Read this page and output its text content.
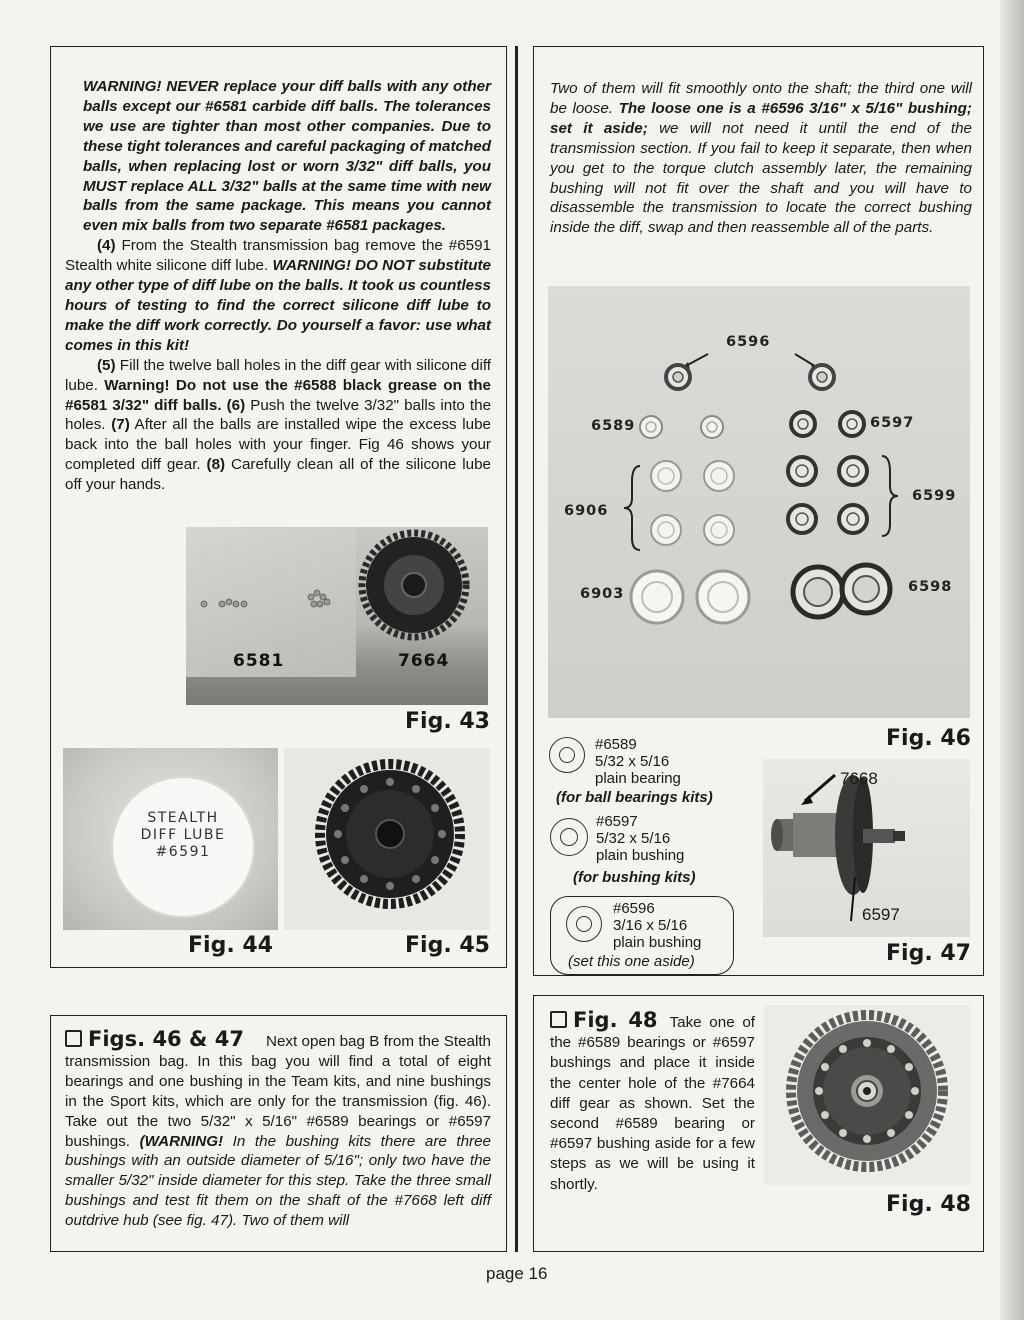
WARNING! NEVER replace your diff balls with any other balls except our #6581 carbide diff balls. The tolerances we use are tighter than most other companies. Due to these tight tolerances and careful packaging of matched balls, when replacing lost or worn 3/32" diff balls, you MUST replace ALL 3/32" balls at the same time with new balls from the same package. This means you cannot even mix balls from two separate #6581 packages.

(4) From the Stealth transmission bag remove the #6591 Stealth white silicone diff lube. WARNING! DO NOT substitute any other type of diff lube on the balls. It took us countless hours of testing to find the correct silicone diff lube to make the diff work correctly. Do yourself a favor: use what comes in this kit!

(5) Fill the twelve ball holes in the diff gear with silicone diff lube. Warning! Do not use the #6588 black grease on the #6581 3/32" diff balls. (6) Push the twelve 3/32" balls into the holes. (7) After all the balls are installed wipe the excess lube back into the ball holes with your finger. Fig 46 shows your completed diff gear. (8) Carefully clean all of the silicone lube off your hands.

6581	7664
Fig. 43
STEALTH
DIFF LUBE
#6591
Fig. 44	Fig. 45
Figs. 46 & 47 Next open bag B from the Stealth transmission bag. In this bag you will find a total of eight bearings and one bushing in the Team kits, and nine bushings in the Sport kits, which are only for the transmission (fig. 46). Take out the two 5/32" x 5/16" #6589 bearings or #6597 bushings. (WARNING! In the bushing kits there are three bushings with an outside diameter of 5/16"; only two have the smaller 5/32" inside diameter for this step. Take the three small bushings and test fit them on the shaft of the #7668 left diff outdrive hub (see fig. 47). Two of them will
Two of them will fit smoothly onto the shaft; the third one will be loose. The loose one is a #6596 3/16" x 5/16" bushing; set it aside; we will not need it until the end of the transmission section. If you fail to keep it separate, then when you get to the torque clutch assembly later, the remaining bushing will not fit over the shaft and you will have to disassemble the transmission to locate the correct bushing inside the diff, swap and then reassemble all of the parts.
6596
6589	6597
6906
6599
6903	6598
Fig. 46
#6589
5/32 x 5/16
plain bearing
(for ball bearings kits)
#6597
5/32 x 5/16
plain bushing
(for bushing kits)
#6596
3/16 x 5/16
plain bushing
(set this one aside)
7668
6597
Fig. 47
Fig. 48 Take one of the #6589 bearings or #6597 bushings and place it inside the center hole of the #7664 diff gear as shown. Set the second #6589 bearing or #6597 bushing aside for a few steps as we will be using it shortly.
Fig. 48
page 16
